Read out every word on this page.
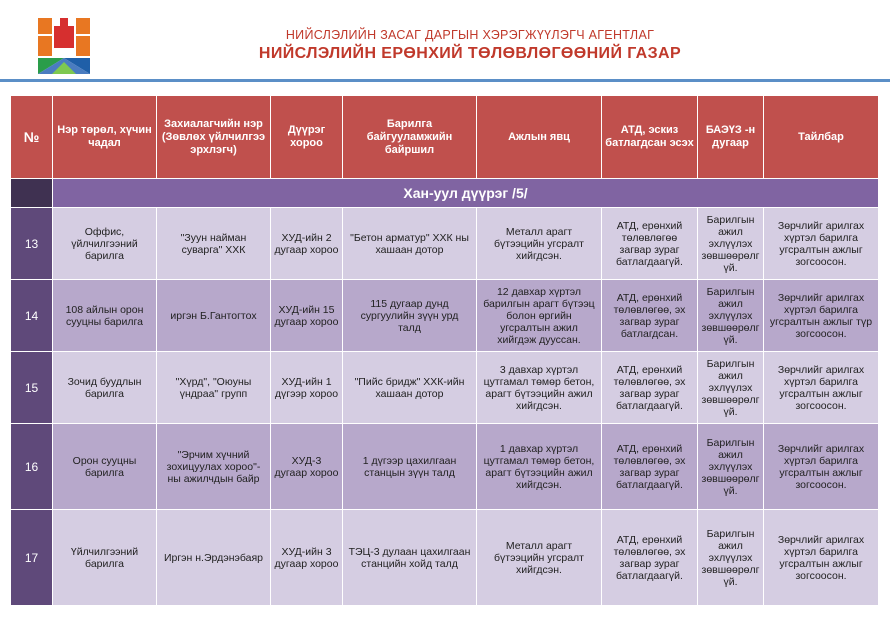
НИЙСЛЭЛИЙН ЗАСАГ ДАРГЫН ХЭРЭГЖҮҮЛЭГЧ АГЕНТЛАГ
НИЙСЛЭЛИЙН ЕРӨНХИЙ ТӨЛӨВЛӨГӨӨНИЙ ГАЗАР
№	Нэр төрөл, хүчин чадал	Захиалагчийн нэр (Зөвлөх үйлчилгээ эрхлэгч)	Дүүрэг хороо	Барилга байгууламжийн байршил	Ажлын явц	АТД, эскиз батлагдсан эсэх	БАЭҮЗ -н дугаар	Тайлбар
	Хан-уул дүүрэг /5/							
13	Оффис,
үйлчилгээний
барилга	"Зуун найман
суварга" ХХК	ХУД-ийн 2
дугаар хороо	"Бетон арматур" ХХК ны
хашаан дотор	Металл арагт
бүтээцийн угсралт
хийгдсэн.	АТД, ерөнхий
төлөвлөгөө
загвар зураг
батлагдаагүй.	Барилгын
ажил
эхлүүлэх
зөвшөөрөлг
үй.	Зөрчлийг арилгах
хүртэл барилга
угсралтын ажлыг
зогсоосон.
14	108 айлын орон
сууцны барилга	иргэн Б.Гантогтох	ХУД-ийн 15
дугаар хороо	115 дугаар дунд
сургуулийн зүүн урд
талд	12 давхар хүртэл
барилгын арагт бүтээц
болон өргийн
угсралтын ажил
хийгдэж дууссан.	АТД, ерөнхий
төлөвлөгөө, эх
загвар зураг
батлагдсан.	Барилгын
ажил
эхлүүлэх
зөвшөөрөлг
үй.	Зөрчлийг арилгах
хүртэл барилга
угсралтын ажлыг түр
зогсоосон.
15	Зочид буудлын
барилга	"Хүрд", "Оюуны
үндраа" групп	ХУД-ийн 1
дүгээр хороо	"Пийс бридж" ХХК-ийн
хашаан дотор	3 давхар хүртэл
цутгамал төмөр бетон,
арагт бүтээцийн ажил
хийгдсэн.	АТД, ерөнхий
төлөвлөгөө, эх
загвар зураг
батлагдаагүй.	Барилгын
ажил
эхлүүлэх
зөвшөөрөлг
үй.	Зөрчлийг арилгах
хүртэл барилга
угсралтын ажлыг
зогсоосон.
16	Орон сууцны
барилга	"Эрчим хүчний
зохицуулах хороо"-
ны ажилчдын байр	ХУД-3
дугаар хороо	1 дүгээр цахилгаан
станцын зүүн талд	1 давхар хүртэл
цутгамал төмөр бетон,
арагт бүтээцийн ажил
хийгдсэн.	АТД, ерөнхий
төлөвлөгөө, эх
загвар зураг
батлагдаагүй.	Барилгын
ажил
эхлүүлэх
зөвшөөрөлг
үй.	Зөрчлийг арилгах
хүртэл барилга
угсралтын ажлыг
зогсоосон.
17	Үйлчилгээний
барилга	Иргэн н.Эрдэнэбаяр	ХУД-ийн 3
дугаар хороо	ТЭЦ-3 дулаан цахилгаан
станцийн хойд талд	Металл арагт
бүтээцийн угсралт
хийгдсэн.	АТД, ерөнхий
төлөвлөгөө, эх
загвар зураг
батлагдаагүй.	Барилгын
ажил
эхлүүлэх
зөвшөөрөлг
үй.	Зөрчлийг арилгах
хүртэл барилга
угсралтын ажлыг
зогсоосон.
